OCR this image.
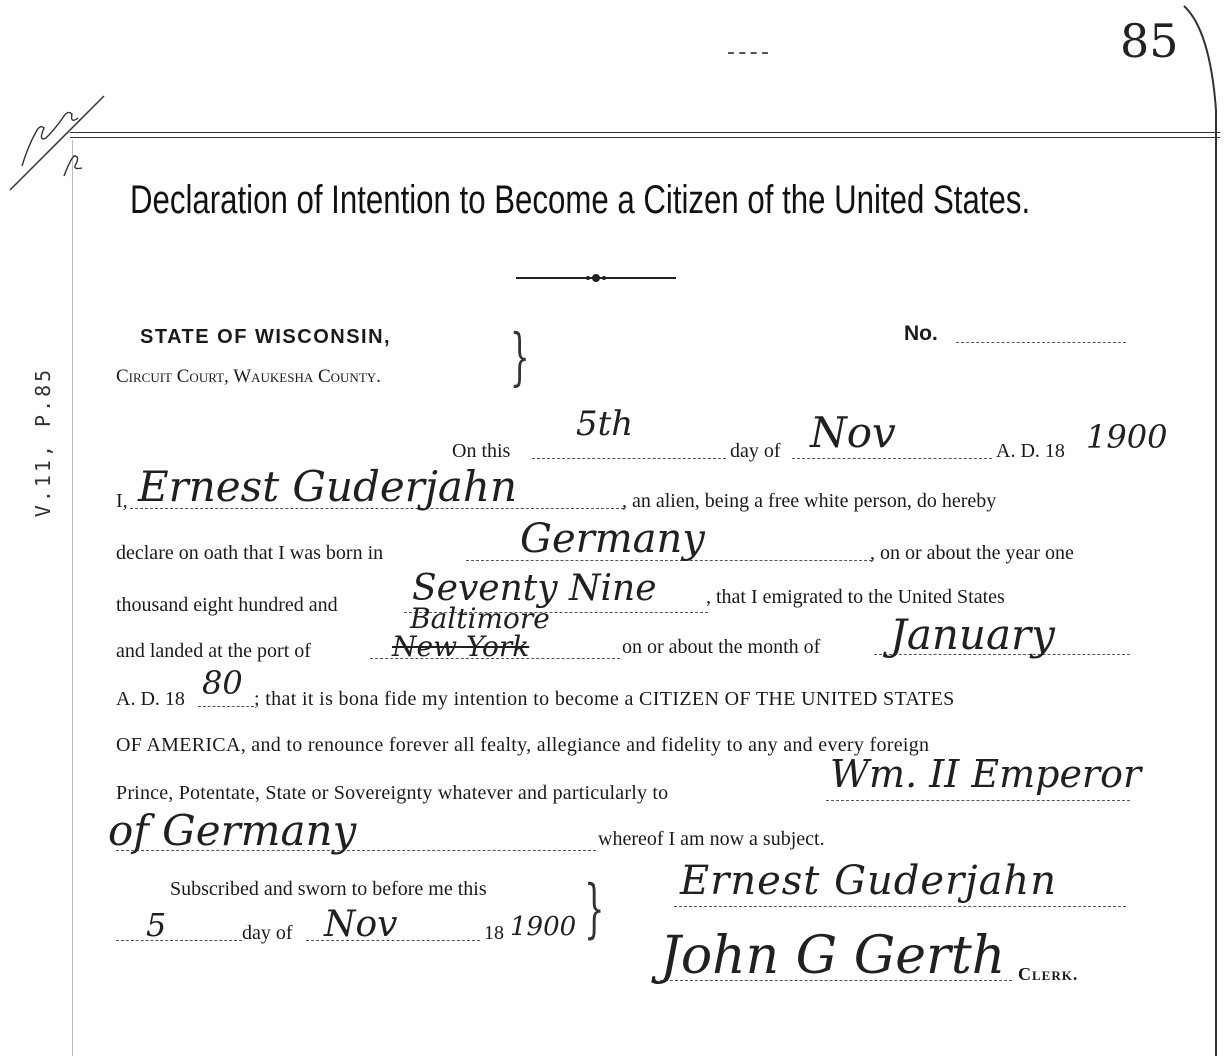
85
V.11, P.85
Declaration of Intention to Become a Citizen of the United States.
STATE OF WISCONSIN,
Circuit Court, Waukesha County. }	No.
On this
5th
day of Nov	A. D. 18 1900
I, Ernest Guderjahn	, an alien, being a free white person, do hereby
declare on oath that I was born in	Germany	, on or about the year one
thousand eight hundred and Seventy Nine , that I emigrated to the United States
and landed at the port of
Baltimore
New York	on or about the month of January
A. D. 18 80 ; that it is bona fide my intention to become a CITIZEN OF THE UNITED STATES
OF AMERICA, and to renounce forever all fealty, allegiance and fidelity to any and every foreign
Prince, Potentate, State or Sovereignty whatever and particularly to	Wm. II Emperor
of Germany	whereof I am now a subject.
Subscribed and sworn to before me this
5	day of Nov	18 1900 } Ernest Guderjahn
John G Gerth Clerk.
